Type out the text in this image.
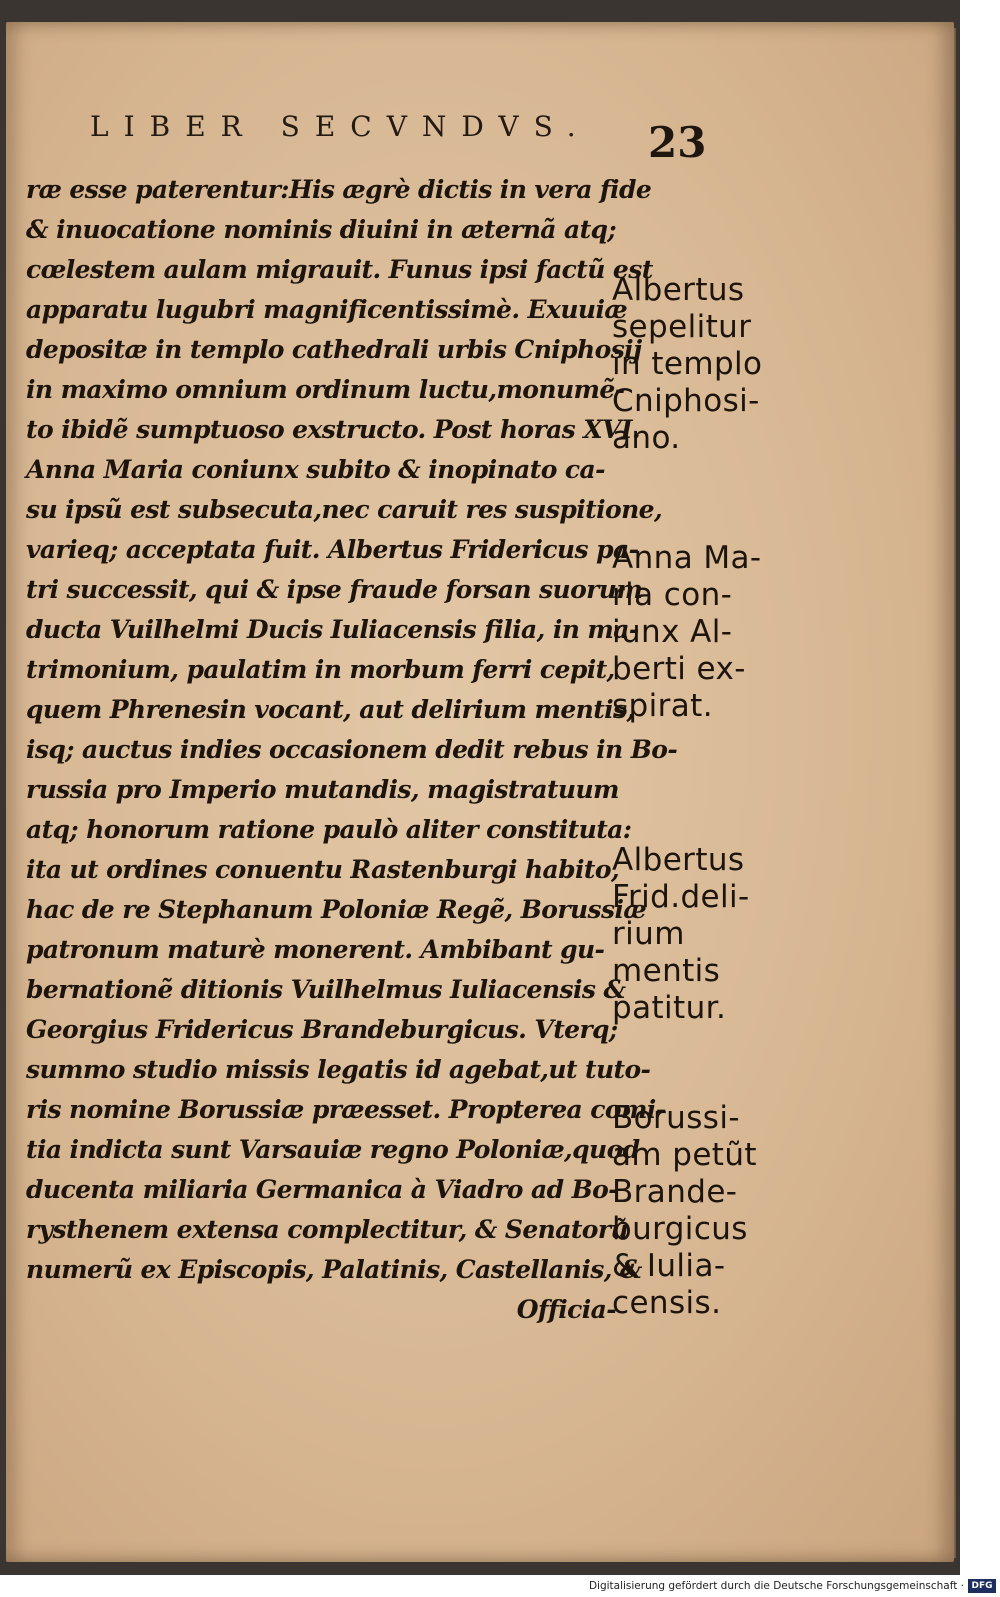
LIBER SECVNDVS. 23
ræ esse paterentur:His ægrè dictis in vera fide
& inuocatione nominis diuini in æternã atq;
cœlestem aulam migrauit. Funus ipsi factũ est
apparatu lugubri magnificentissimè. Exuuiæ
depositæ in templo cathedrali urbis Cniphosij
in maximo omnium ordinum luctu,monumẽ-
to ibidẽ sumptuoso exstructo. Post horas XVI.
Anna Maria coniunx subito & inopinato ca-
su ipsũ est subsecuta,nec caruit res suspitione,
varieq; acceptata fuit. Albertus Fridericus pa-
tri successit, qui & ipse fraude forsan suorum
ducta Vuilhelmi Ducis Iuliacensis filia, in ma-
trimonium, paulatim in morbum ferri cepit,
quem Phrenesin vocant, aut delirium mentis,
isq; auctus indies occasionem dedit rebus in Bo-
russia pro Imperio mutandis, magistratuum
atq; honorum ratione paulò aliter constituta:
ita ut ordines conuentu Rastenburgi habito,
hac de re Stephanum Poloniæ Regẽ, Borussiæ
patronum maturè monerent. Ambibant gu-
bernationẽ ditionis Vuilhelmus Iuliacensis &
Georgius Fridericus Brandeburgicus. Vterq;
summo studio missis legatis id agebat,ut tuto-
ris nomine Borussiæ præesset. Propterea comi-
tia indicta sunt Varsauiæ regno Poloniæ,quod
ducenta miliaria Germanica à Viadro ad Bo-
rysthenem extensa complectitur, & Senatorũ
numerũ ex Episcopis, Palatinis, Castellanis, &
Officia-
Albertus
sepelitur
in templo
Cniphosi-
ano.
Anna Ma-
ria con-
iunx Al-
berti ex-
spirat.
Albertus
Frid.deli-
rium
mentis
patitur.
Borussi-
am petũt
Brande-
burgicus
& Iulia-
censis.
Digitalisierung gefördert durch die Deutsche Forschungsgemeinschaft · DFG
